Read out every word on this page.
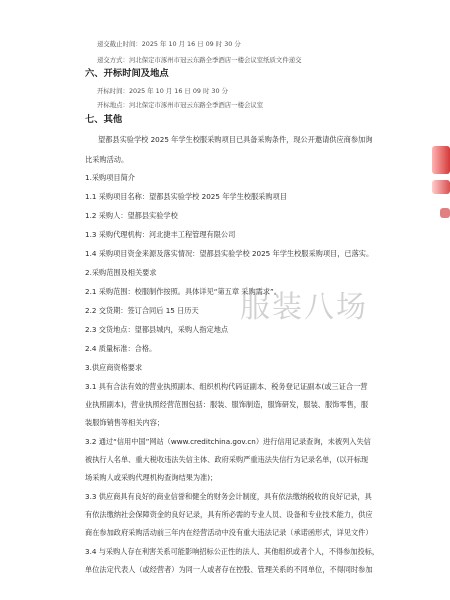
递交截止时间：2025 年 10 月 16 日 09 时 30 分
递交方式：河北保定市涿州市冠云东路全季酒店一楼会议室纸质文件递交
六、开标时间及地点
开标时间：2025 年 10 月 16 日 09 时 30 分
开标地点：河北保定市涿州市冠云东路全季酒店一楼会议室
七、其他
望都县实验学校 2025 年学生校服采购项目已具备采购条件，现公开邀请供应商参加询
比采购活动。
1.采购项目简介
1.1 采购项目名称：望都县实验学校 2025 年学生校服采购项目
1.2 采购人：望都县实验学校
1.3 采购代理机构：河北捷丰工程管理有限公司
1.4 采购项目资金来源及落实情况：望都县实验学校 2025 年学生校服采购项目，已落实。
2.采购范围及相关要求
2.1 采购范围：校服制作按照。具体详见“第五章 采购需求”。
2.2 交货期：签订合同后 15 日历天
2.3 交货地点：望都县城内，采购人指定地点
2.4 质量标准：合格。
3.供应商资格要求
3.1 具有合法有效的营业执照副本、组织机构代码证副本、税务登记证副本(或三证合一营
业执照副本)，营业执照经营范围包括：服装、服饰制造，服饰研发，服装、服饰零售，服
装服饰销售等相关内容；
3.2 通过“信用中国”网站（www.creditchina.gov.cn）进行信用记录查询，未被列入失信
被执行人名单、重大税收违法失信主体、政府采购严重违法失信行为记录名单，(以开标现
场采购人或采购代理机构查询结果为准)；
3.3 供应商具有良好的商业信誉和健全的财务会计制度，具有依法缴纳税收的良好记录，具
有依法缴纳社会保障资金的良好记录，具有所必需的专业人员、设备和专业技术能力，供应
商在参加政府采购活动前三年内在经营活动中没有重大违法记录（承诺函形式，详见文件）
3.4 与采购人存在利害关系可能影响招标公正性的法人、其他组织或者个人，不得参加投标，
单位法定代表人（或经营者）为同一人或者存在控股、管理关系的不同单位，不得同时参加
服装八场
